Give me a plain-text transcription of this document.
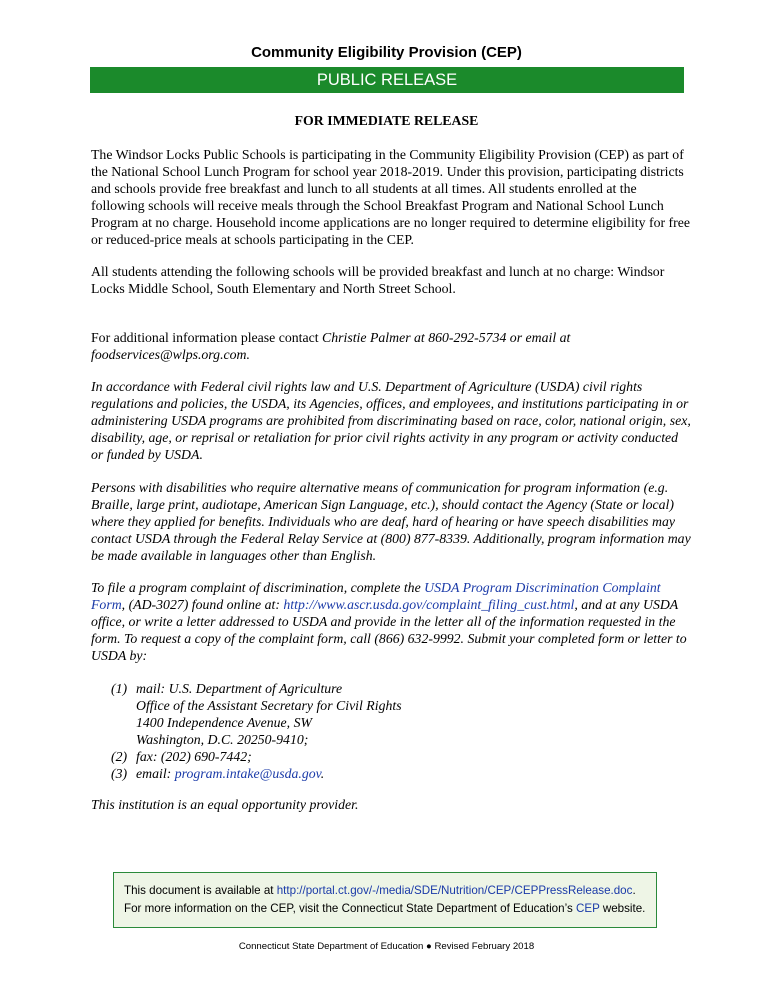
Community Eligibility Provision (CEP)
PUBLIC RELEASE
FOR IMMEDIATE RELEASE
The Windsor Locks Public Schools is participating in the Community Eligibility Provision (CEP) as part of the National School Lunch Program for school year 2018-2019. Under this provision, participating districts and schools provide free breakfast and lunch to all students at all times. All students enrolled at the following schools will receive meals through the School Breakfast Program and National School Lunch Program at no charge. Household income applications are no longer required to determine eligibility for free or reduced-price meals at schools participating in the CEP.
All students attending the following schools will be provided breakfast and lunch at no charge: Windsor Locks Middle School, South Elementary and North Street School.
For additional information please contact Christie Palmer at 860-292-5734 or email at foodservices@wlps.org.com.
In accordance with Federal civil rights law and U.S. Department of Agriculture (USDA) civil rights regulations and policies, the USDA, its Agencies, offices, and employees, and institutions participating in or administering USDA programs are prohibited from discriminating based on race, color, national origin, sex, disability, age, or reprisal or retaliation for prior civil rights activity in any program or activity conducted or funded by USDA.
Persons with disabilities who require alternative means of communication for program information (e.g. Braille, large print, audiotape, American Sign Language, etc.), should contact the Agency (State or local) where they applied for benefits. Individuals who are deaf, hard of hearing or have speech disabilities may contact USDA through the Federal Relay Service at (800) 877-8339. Additionally, program information may be made available in languages other than English.
To file a program complaint of discrimination, complete the USDA Program Discrimination Complaint Form, (AD-3027) found online at: http://www.ascr.usda.gov/complaint_filing_cust.html, and at any USDA office, or write a letter addressed to USDA and provide in the letter all of the information requested in the form. To request a copy of the complaint form, call (866) 632-9992. Submit your completed form or letter to USDA by:
(1) mail: U.S. Department of Agriculture
Office of the Assistant Secretary for Civil Rights
1400 Independence Avenue, SW
Washington, D.C. 20250-9410;
(2) fax: (202) 690-7442;
(3) email: program.intake@usda.gov.
This institution is an equal opportunity provider.
This document is available at http://portal.ct.gov/-/media/SDE/Nutrition/CEP/CEPPressRelease.doc. For more information on the CEP, visit the Connecticut State Department of Education’s CEP website.
Connecticut State Department of Education ● Revised February 2018
